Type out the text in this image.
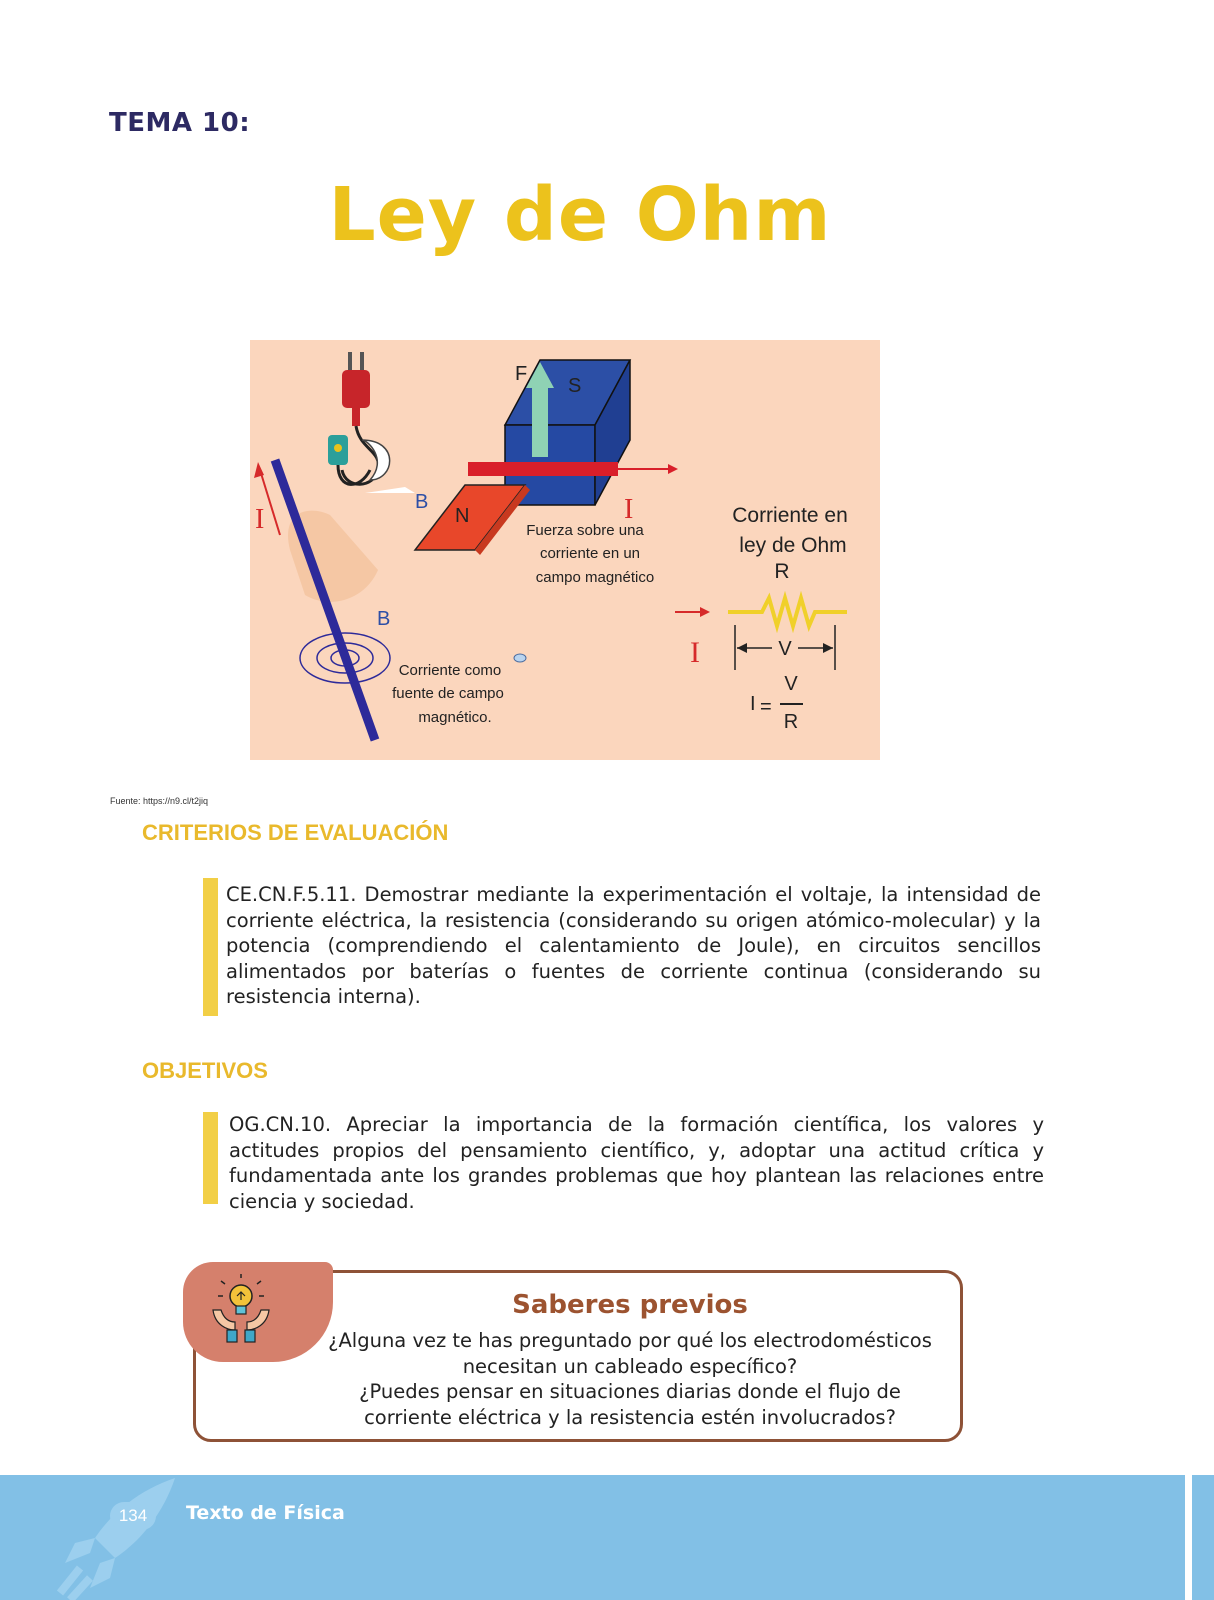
TEMA 10:
Ley de Ohm
F
S
N
B
B
I	I
Fuerza sobre una
corriente en un
campo magnético
Corriente como
fuente de campo
magnético.
Corriente en
ley de Ohm
R
V
I
I =
V
R
Fuente: https://n9.cl/t2jiq
CRITERIOS DE EVALUACIÓN
CE.CN.F.5.11. Demostrar mediante la experimentación el voltaje, la intensidad de corriente eléctrica, la resistencia (considerando su origen atómico-molecular) y la potencia (comprendiendo el calentamiento de Joule), en circuitos sencillos alimentados por baterías o fuentes de corriente continua (considerando su resistencia interna).
OBJETIVOS
OG.CN.10. Apreciar la importancia de la formación científica, los valores y actitudes propios del pensamiento científico, y, adoptar una actitud crítica y fundamentada ante los grandes problemas que hoy plantean las relaciones entre ciencia y sociedad.
Saberes previos
¿Alguna vez te has preguntado por qué los electrodomésticos
necesitan un cableado específico?
¿Puedes pensar en situaciones diarias donde el flujo de
corriente eléctrica y la resistencia estén involucrados?
134	Texto de Física
